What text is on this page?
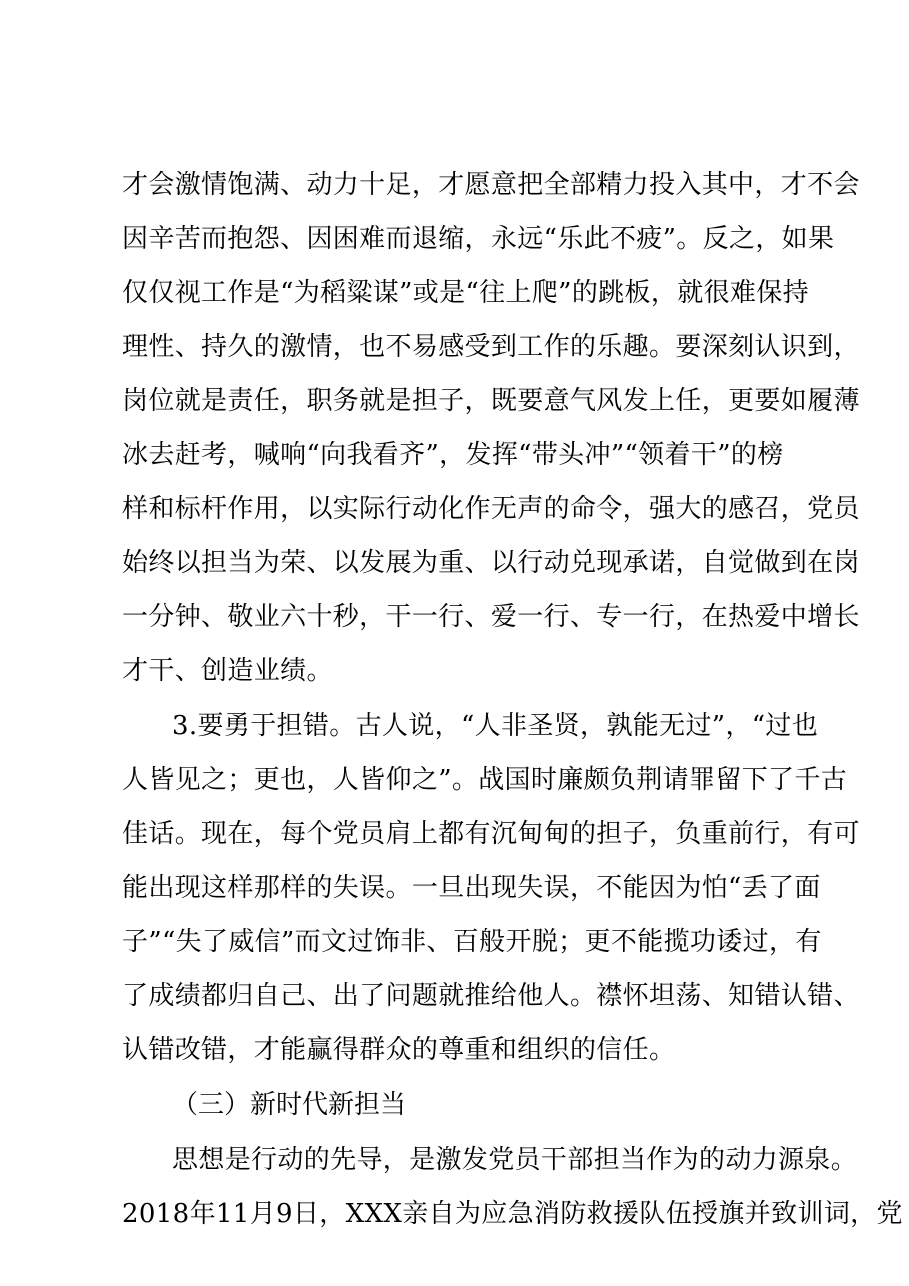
才会激情饱满、动力十足，才愿意把全部精力投入其中，才不会
因辛苦而抱怨、因困难而退缩，永远“乐此不疲”。反之，如果
仅仅视工作是“为稻粱谋”或是“往上爬”的跳板，就很难保持
理性、持久的激情，也不易感受到工作的乐趣。要深刻认识到，
岗位就是责任，职务就是担子，既要意气风发上任，更要如履薄
冰去赶考，喊响“向我看齐”，发挥“带头冲”“领着干”的榜
样和标杆作用，以实际行动化作无声的命令，强大的感召，党员
始终以担当为荣、以发展为重、以行动兑现承诺，自觉做到在岗
一分钟、敬业六十秒，干一行、爱一行、专一行，在热爱中增长
才干、创造业绩。
3.要勇于担错。古人说，“人非圣贤，孰能无过”，“过也
人皆见之；更也，人皆仰之”。战国时廉颇负荆请罪留下了千古
佳话。现在，每个党员肩上都有沉甸甸的担子，负重前行，有可
能出现这样那样的失误。一旦出现失误，不能因为怕“丢了面
子”“失了威信”而文过饰非、百般开脱；更不能揽功诿过，有
了成绩都归自己、出了问题就推给他人。襟怀坦荡、知错认错、
认错改错，才能赢得群众的尊重和组织的信任。
（三）新时代新担当
思想是行动的先导，是激发党员干部担当作为的动力源泉。
2018年11月9日，XXX亲自为应急消防救援队伍授旗并致训词，党
